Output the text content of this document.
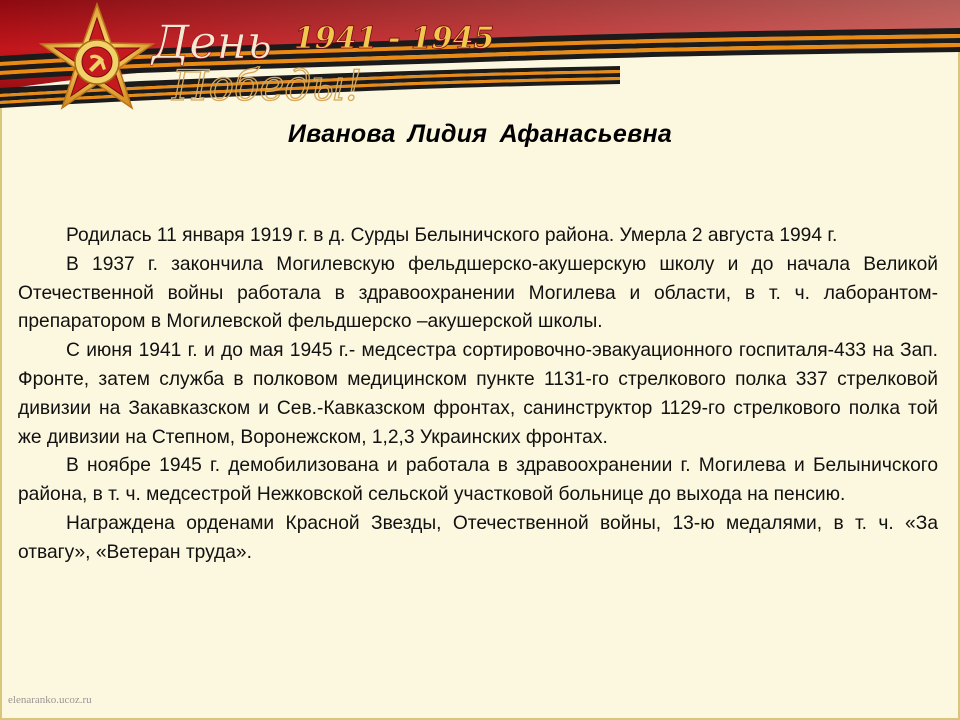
День
Победы!
1941 - 1945
Иванова Лидия Афанасьевна

Родилась 11 января 1919 г. в д. Сурды Белыничского района. Умерла 2 августа 1994 г.

В 1937 г. закончила Могилевскую фельдшерско-акушерскую школу и до начала Великой Отечественной войны работала в здравоохранении Могилева и области, в т. ч. лаборантом-препаратором в Могилевской фельдшерско –акушерской школы.

С июня 1941 г. и до мая 1945 г.- медсестра сортировочно-эвакуационного госпиталя-433 на Зап. Фронте, затем служба в полковом медицинском пункте 1131-го стрелкового полка 337 стрелковой дивизии на Закавказском и Сев.-Кавказском фронтах, санинструктор 1129-го стрелкового полка той же дивизии на Степном, Воронежском, 1,2,3 Украинских фронтах.

В ноябре 1945 г. демобилизована и работала в здравоохранении г. Могилева и Белыничского района, в т. ч. медсестрой Нежковской сельской участковой больнице до выхода на пенсию.

Награждена орденами Красной Звезды, Отечественной войны, 13-ю медалями, в т. ч. «За отвагу», «Ветеран труда».

elenaranko.ucoz.ru
